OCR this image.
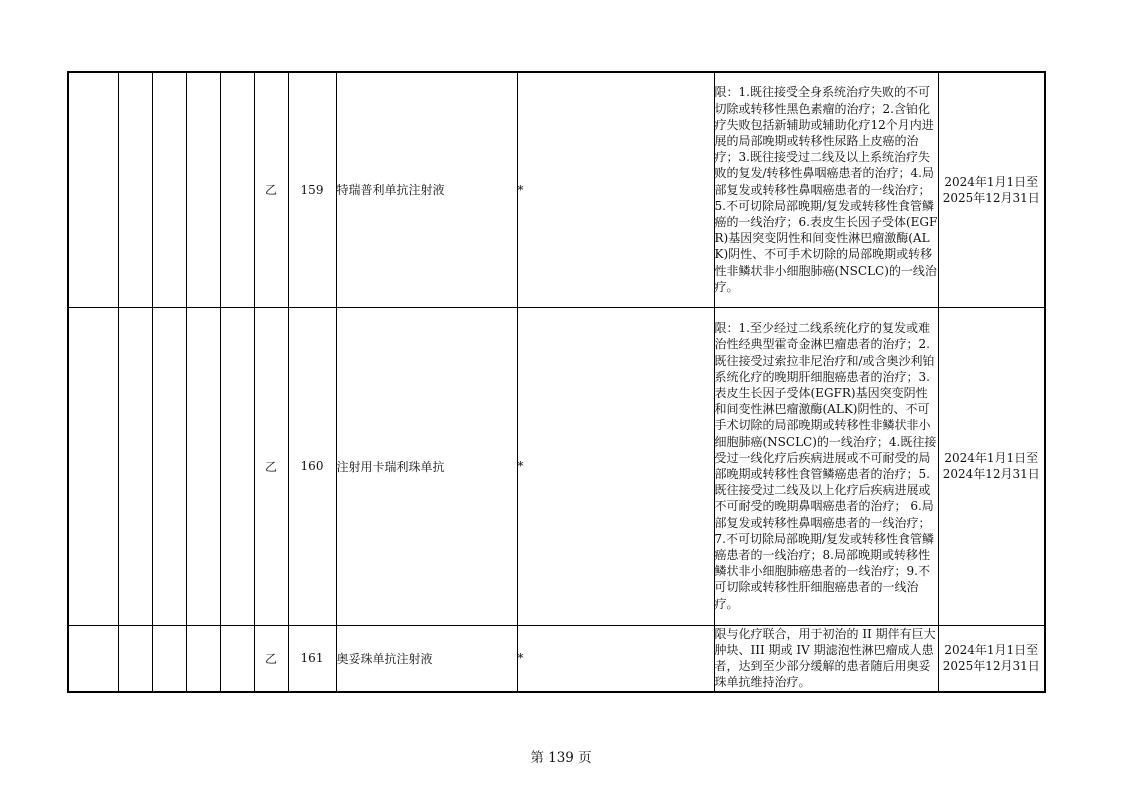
					乙	159	特瑞普利单抗注射液	*	限：1.既往接受全身系统治疗失败的不可切除或转移性黑色素瘤的治疗；2.含铂化疗失败包括新辅助或辅助化疗12个月内进展的局部晚期或转移性尿路上皮癌的治疗；3.既往接受过二线及以上系统治疗失败的复发/转移性鼻咽癌患者的治疗；4.局部复发或转移性鼻咽癌患者的一线治疗；5.不可切除局部晚期/复发或转移性食管鳞癌的一线治疗；6.表皮生长因子受体(EGFR)基因突变阴性和间变性淋巴瘤激酶(ALK)阴性、不可手术切除的局部晚期或转移性非鳞状非小细胞肺癌(NSCLC)的一线治疗。	2024年1月1日至
2025年12月31日

					乙	160	注射用卡瑞利珠单抗	*	限：1.至少经过二线系统化疗的复发或难治性经典型霍奇金淋巴瘤患者的治疗；2.既往接受过索拉非尼治疗和/或含奥沙利铂系统化疗的晚期肝细胞癌患者的治疗；3.表皮生长因子受体(EGFR)基因突变阴性和间变性淋巴瘤激酶(ALK)阴性的、不可手术切除的局部晚期或转移性非鳞状非小细胞肺癌(NSCLC)的一线治疗；4.既往接受过一线化疗后疾病进展或不可耐受的局部晚期或转移性食管鳞癌患者的治疗；5.既往接受过二线及以上化疗后疾病进展或不可耐受的晚期鼻咽癌患者的治疗； 6.局部复发或转移性鼻咽癌患者的一线治疗；7.不可切除局部晚期/复发或转移性食管鳞癌患者的一线治疗；8.局部晚期或转移性鳞状非小细胞肺癌患者的一线治疗；9.不可切除或转移性肝细胞癌患者的一线治疗。	2024年1月1日至
2024年12月31日

					乙	161	奥妥珠单抗注射液	*	限与化疗联合，用于初治的 II 期伴有巨大肿块、III 期或 IV 期滤泡性淋巴瘤成人患者，达到至少部分缓解的患者随后用奥妥珠单抗维持治疗。	2024年1月1日至
2025年12月31日
第 139 页
